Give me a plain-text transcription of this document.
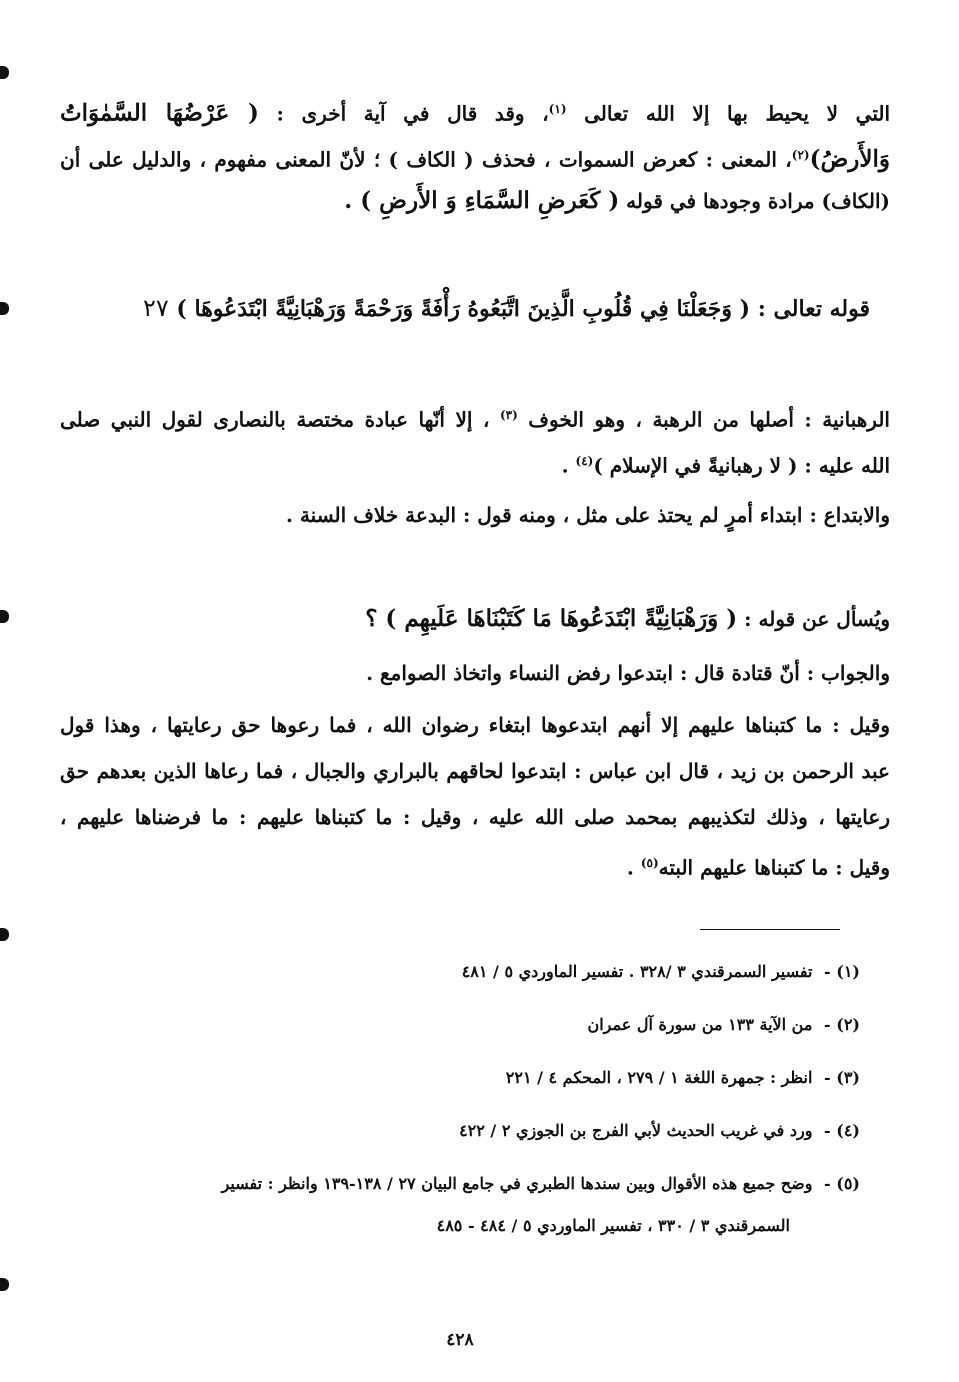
التي لا يحيط بها إلا الله تعالى $^{(١)}$، وقد قال في آية أخرى : ( عَرْضُهَا السَّمٰوَاتُ
وَالأَرضُ)$^{(٢)}$، المعنى : كعرض السموات ، فحذف ( الكاف ) ؛ لأنّ المعنى مفهوم ، والدليل على أن
(الكاف) مرادة وجودها في قوله ( كَعَرضِ السَّمَاءِ وَ الأَرضِ ) .
قوله تعالى : ( وَجَعَلْنَا فِي قُلُوبِ الَّذِينَ اتَّبَعُوهُ رَأْفَةً وَرَحْمَةً وَرَهْبَانِيَّةً ابْتَدَعُوهَا ) ٢٧
الرهبانية : أصلها من الرهبة ، وهو الخوف $^{(٣)}$ ، إلا أنّها عبادة مختصة بالنصارى لقول النبي صلى
الله عليه : ( لا رهبانيةً في الإسلام )$^{(٤)}$ .
والابتداع : ابتداء أمرٍ لم يحتذ على مثل ، ومنه قول : البدعة خلاف السنة .
ويُسأل عن قوله : ( وَرَهْبَانِيَّةً ابْتَدَعُوهَا مَا كَتَبْنَاهَا عَلَيهِم ) ؟
والجواب : أنّ قتادة قال : ابتدعوا رفض النساء واتخاذ الصوامع .
وقيل : ما كتبناها عليهم إلا أنهم ابتدعوها ابتغاء رضوان الله ، فما رعوها حق رعايتها ، وهذا قول
عبد الرحمن بن زيد ، قال ابن عباس : ابتدعوا لحاقهم بالبراري والجبال ، فما رعاها الذين بعدهم حق
رعايتها ، وذلك لتكذيبهم بمحمد صلى الله عليه ، وقيل : ما كتبناها عليهم : ما فرضناها عليهم ،
وقيل : ما كتبناها عليهم البته$^{(٥)}$ .
(١) - تفسير السمرقندي ٣ /٣٢٨ . تفسير الماوردي ٥ / ٤٨١
(٢) - من الآية ١٣٣ من سورة آل عمران
(٣) - انظر : جمهرة اللغة ١ / ٢٧٩ ، المحكم ٤ / ٢٢١
(٤) - ورد في غريب الحديث لأبي الفرج بن الجوزي ٢ / ٤٢٢
(٥) - وضح جميع هذه الأقوال وبين سندها الطبري في جامع البيان ٢٧ / ١٣٨-١٣٩ وانظر : تفسير
السمرقندي ٣ / ٣٣٠ ، تفسير الماوردي ٥ / ٤٨٤ - ٤٨٥
٤٢٨
